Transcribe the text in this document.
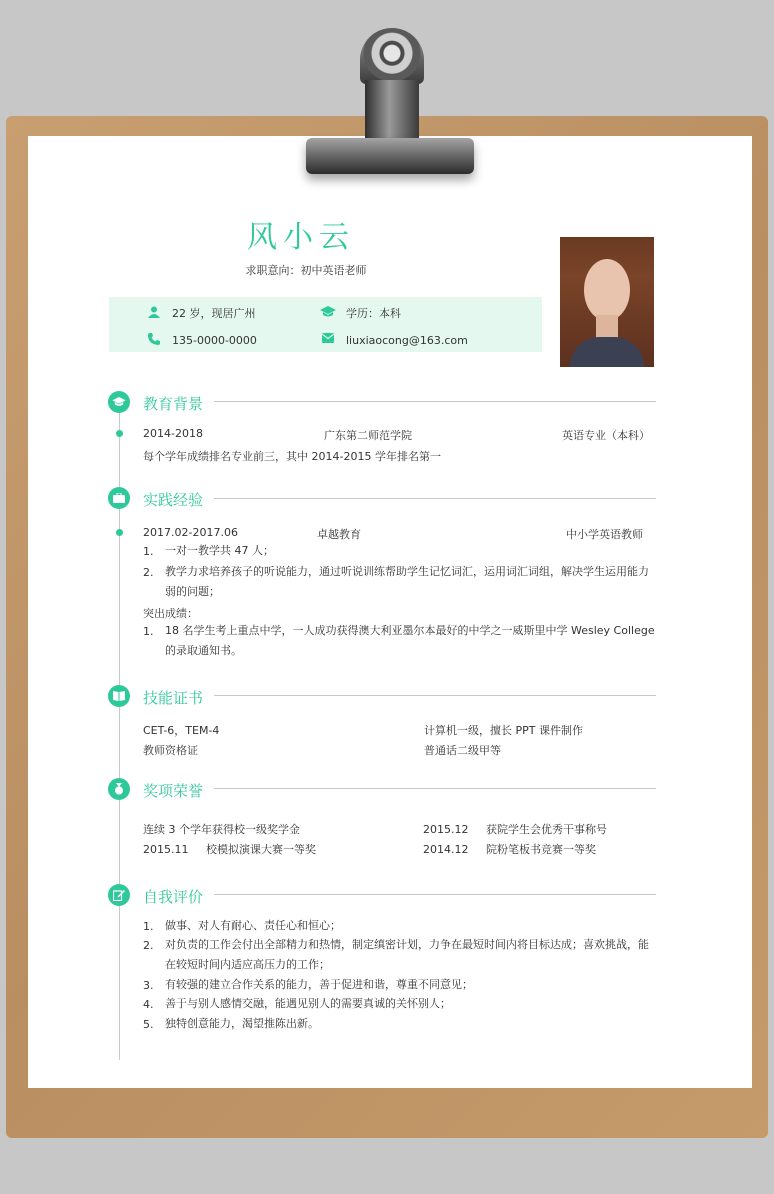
风小云
求职意向：初中英语老师
22 岁，现居广州	学历：本科
135-0000-0000	liuxiaocong@163.com
教育背景
2014-2018	广东第二师范学院	英语专业（本科）
每个学年成绩排名专业前三，其中 2014-2015 学年排名第一
实践经验
2017.02-2017.06	卓越教育	中小学英语教师
1. 一对一教学共 47 人；
2. 教学力求培养孩子的听说能力，通过听说训练帮助学生记忆词汇，运用词汇词组，解决学生运用能力弱的问题；
突出成绩：
1. 18 名学生考上重点中学，一人成功获得澳大利亚墨尔本最好的中学之一威斯里中学 Wesley College 的录取通知书。
技能证书
CET-6，TEM-4	计算机一级，擅长 PPT 课件制作
教师资格证	普通话二级甲等
奖项荣誉
连续 3 个学年获得校一级奖学金	2015.12     获院学生会优秀干事称号
2015.11     校模拟演课大赛一等奖	2014.12     院粉笔板书竞赛一等奖
自我评价
1. 做事、对人有耐心、责任心和恒心；
2. 对负责的工作会付出全部精力和热情，制定缜密计划，力争在最短时间内将目标达成；喜欢挑战，能在较短时间内适应高压力的工作；
3. 有较强的建立合作关系的能力，善于促进和谐，尊重不同意见；
4. 善于与别人感情交融，能遇见别人的需要真诚的关怀别人；
5. 独特创意能力，渴望推陈出新。
